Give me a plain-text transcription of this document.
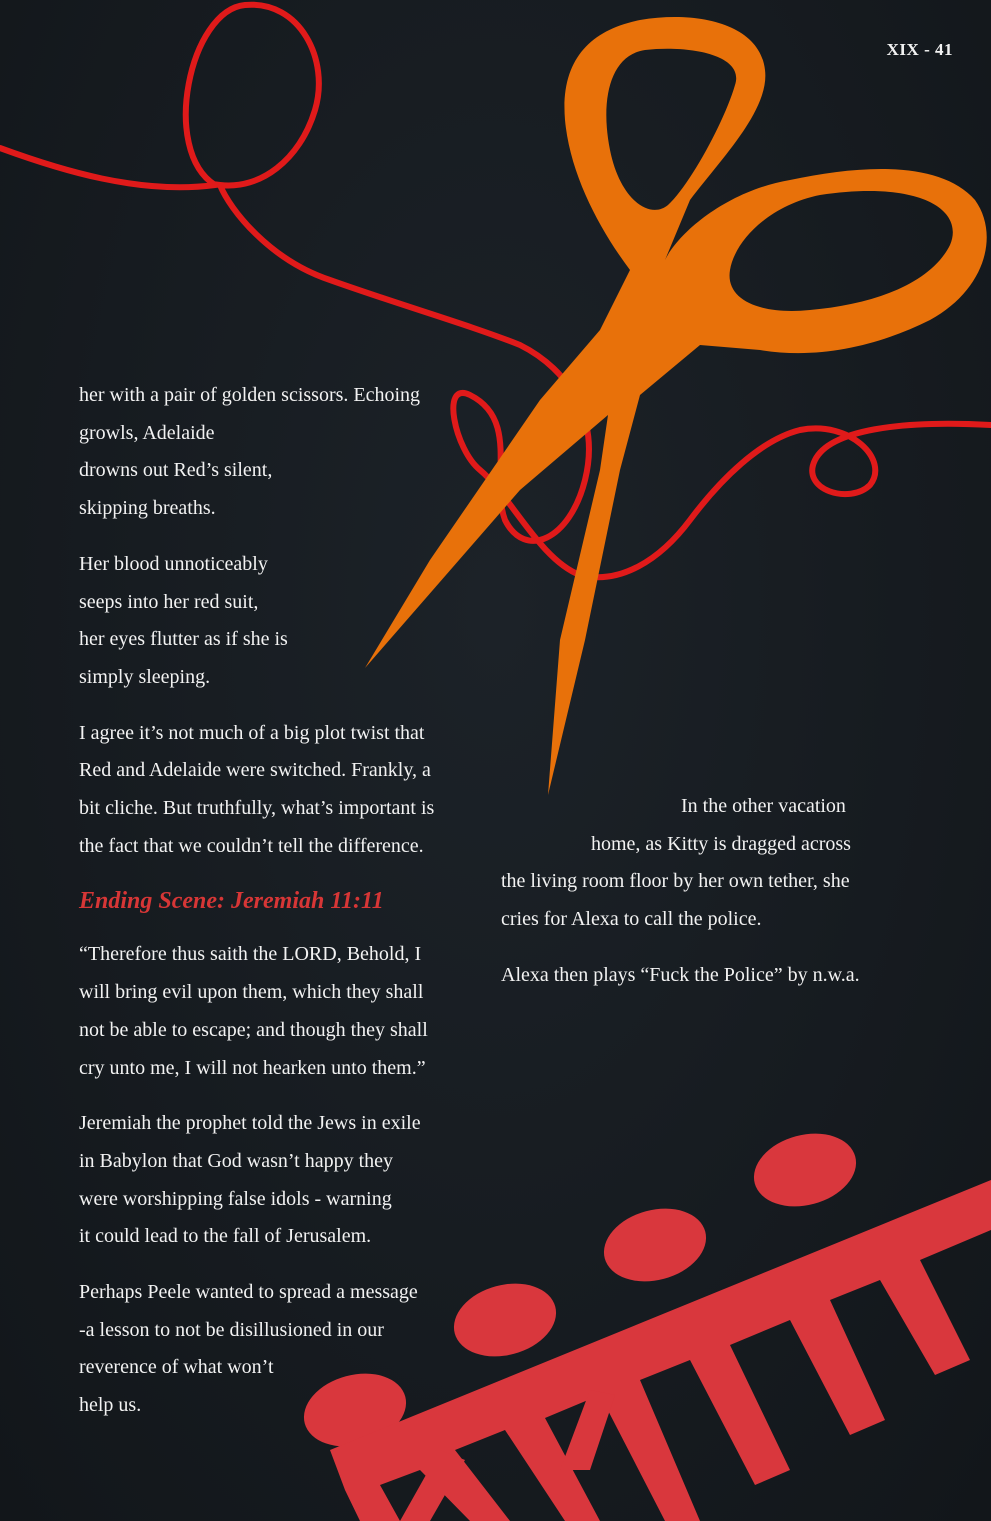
XIX - 41

her with a pair of golden scissors. Echoing
growls, Adelaide
drowns out Red’s silent,
skipping breaths.

Her blood unnoticeably
seeps into her red suit,
her eyes flutter as if she is
simply sleeping.

I agree it’s not much of a big plot twist that
Red and Adelaide were switched. Frankly, a
bit cliche. But truthfully, what’s important is
the fact that we couldn’t tell the difference.

Ending Scene: Jeremiah 11:11

“Therefore thus saith the LORD, Behold, I
will bring evil upon them, which they shall
not be able to escape; and though they shall
cry unto me, I will not hearken unto them.”

Jeremiah the prophet told the Jews in exile
in Babylon that God wasn’t happy they
were worshipping false idols - warning
it could lead to the fall of Jerusalem.

Perhaps Peele wanted to spread a message
-a lesson to not be disillusioned in our
reverence of what won’t
help us.

In the other vacation
home, as Kitty is dragged across
the living room floor by her own tether, she
cries for Alexa to call the police.

Alexa then plays “Fuck the Police” by n.w.a.
